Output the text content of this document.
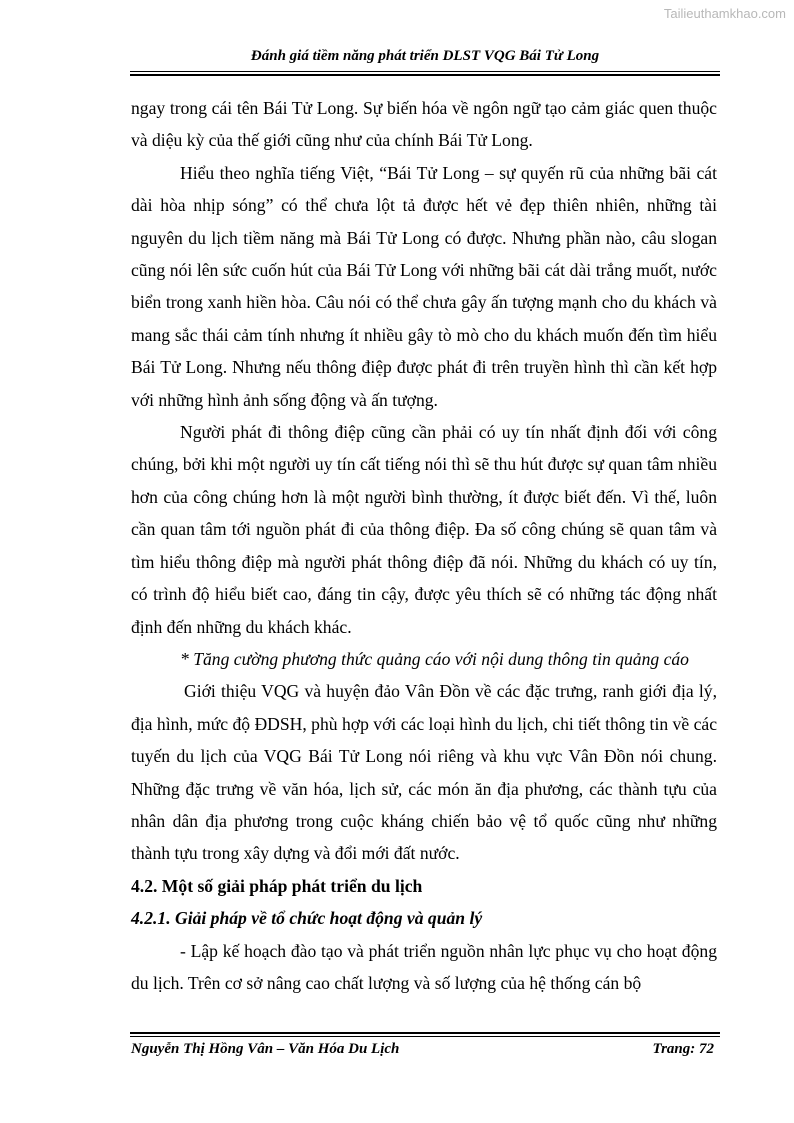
Tailieuthamkhao.com
Đánh giá tiềm năng phát triển DLST VQG Bái Tử Long

ngay trong cái tên Bái Tử Long. Sự biến hóa về ngôn ngữ tạo cảm giác quen thuộc và diệu kỳ của thế giới cũng như của chính Bái Tử Long.

Hiểu theo nghĩa tiếng Việt, “Bái Tử Long – sự quyến rũ của những bãi cát dài hòa nhịp sóng” có thể chưa lột tả được hết vẻ đẹp thiên nhiên, những tài nguyên du lịch tiềm năng mà Bái Tử Long có được. Nhưng phần nào, câu slogan cũng nói lên sức cuốn hút của Bái Tử Long với những bãi cát dài trắng muốt, nước biển trong xanh hiền hòa. Câu nói có thể chưa gây ấn tượng mạnh cho du khách và mang sắc thái cảm tính nhưng ít nhiều gây tò mò cho du khách muốn đến tìm hiểu Bái Tử Long. Nhưng nếu thông điệp được phát đi trên truyền hình thì cần kết hợp với những hình ảnh sống động và ấn tượng.

Người phát đi thông điệp cũng cần phải có uy tín nhất định đối với công chúng, bởi khi một người uy tín cất tiếng nói thì sẽ thu hút được sự quan tâm nhiều hơn của công chúng hơn là một người bình thường, ít được biết đến. Vì thế, luôn cần quan tâm tới nguồn phát đi của thông điệp. Đa số công chúng sẽ quan tâm và tìm hiểu thông điệp mà người phát thông điệp đã nói. Những du khách có uy tín, có trình độ hiểu biết cao, đáng tin cậy, được yêu thích sẽ có những tác động nhất định đến những du khách khác.

* Tăng cường phương thức quảng cáo với nội dung thông tin quảng cáo

Giới thiệu VQG và huyện đảo Vân Đồn về các đặc trưng, ranh giới địa lý, địa hình, mức độ ĐDSH, phù hợp với các loại hình du lịch, chi tiết thông tin về các tuyến du lịch của VQG Bái Tử Long nói riêng và khu vực Vân Đồn nói chung. Những đặc trưng về văn hóa, lịch sử, các món ăn địa phương, các thành tựu của nhân dân địa phương trong cuộc kháng chiến bảo vệ tổ quốc cũng như những thành tựu trong xây dựng và đổi mới đất nước.

4.2. Một số giải pháp phát triển du lịch

4.2.1. Giải pháp về tổ chức hoạt động và quản lý

- Lập kế hoạch đào tạo và phát triển nguồn nhân lực phục vụ cho hoạt động du lịch. Trên cơ sở nâng cao chất lượng và số lượng của hệ thống cán bộ

Nguyễn Thị Hồng Vân – Văn Hóa Du Lịch	Trang: 72
